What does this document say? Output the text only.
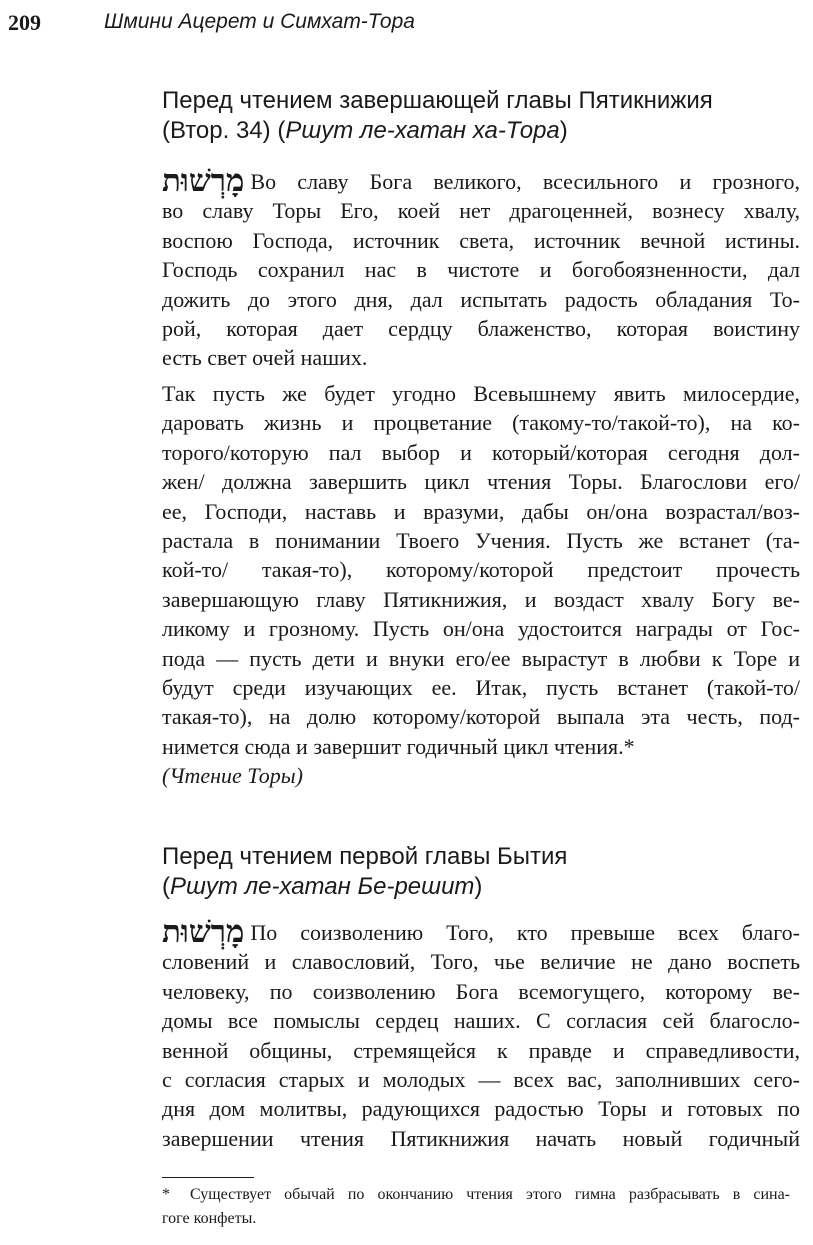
209	Шмини Ацерет и Симхат-Тора
Перед чтением завершающей главы Пятикнижия
(Втор. 34) (Ршут ле-хатан ха-Тора)
מָרְשׁוּת Во славу Бога великого, всесильного и грозного,
во славу Торы Его, коей нет драгоценней, вознесу хвалу,
воспою Господа, источник света, источник вечной истины.
Господь сохранил нас в чистоте и богобоязненности, дал
дожить до этого дня, дал испытать радость обладания То-
рой, которая дает сердцу блаженство, которая воистину
есть свет очей наших.
Так пусть же будет угодно Всевышнему явить милосердие,
даровать жизнь и процветание (такому-то/такой-то), на ко-
торого/которую пал выбор и который/которая сегодня дол-
жен/ должна завершить цикл чтения Торы. Благослови его/
ее, Господи, наставь и вразуми, дабы он/она возрастал/воз-
растала в понимании Твоего Учения. Пусть же встанет (та-
кой-то/ такая-то), которому/которой предстоит прочесть
завершающую главу Пятикнижия, и воздаст хвалу Богу ве-
ликому и грозному. Пусть он/она удостоится награды от Гос-
пода — пусть дети и внуки его/ее вырастут в любви к Торе и
будут среди изучающих ее. Итак, пусть встанет (такой-то/
такая-то), на долю которому/которой выпала эта честь, под-
нимется сюда и завершит годичный цикл чтения.*
(Чтение Торы)
Перед чтением первой главы Бытия
(Ршут ле-хатан Бе-решит)
מָרְשׁוּת По соизволению Того, кто превыше всех благо-
словений и славословий, Того, чье величие не дано воспеть
человеку, по соизволению Бога всемогущего, которому ве-
домы все помыслы сердец наших. С согласия сей благосло-
венной общины, стремящейся к правде и справедливости,
с согласия старых и молодых — всех вас, заполнивших сего-
дня дом молитвы, радующихся радостью Торы и готовых по
завершении чтения Пятикнижия начать новый годичный
* Существует обычай по окончанию чтения этого гимна разбрасывать в сина-
гоге конфеты.
